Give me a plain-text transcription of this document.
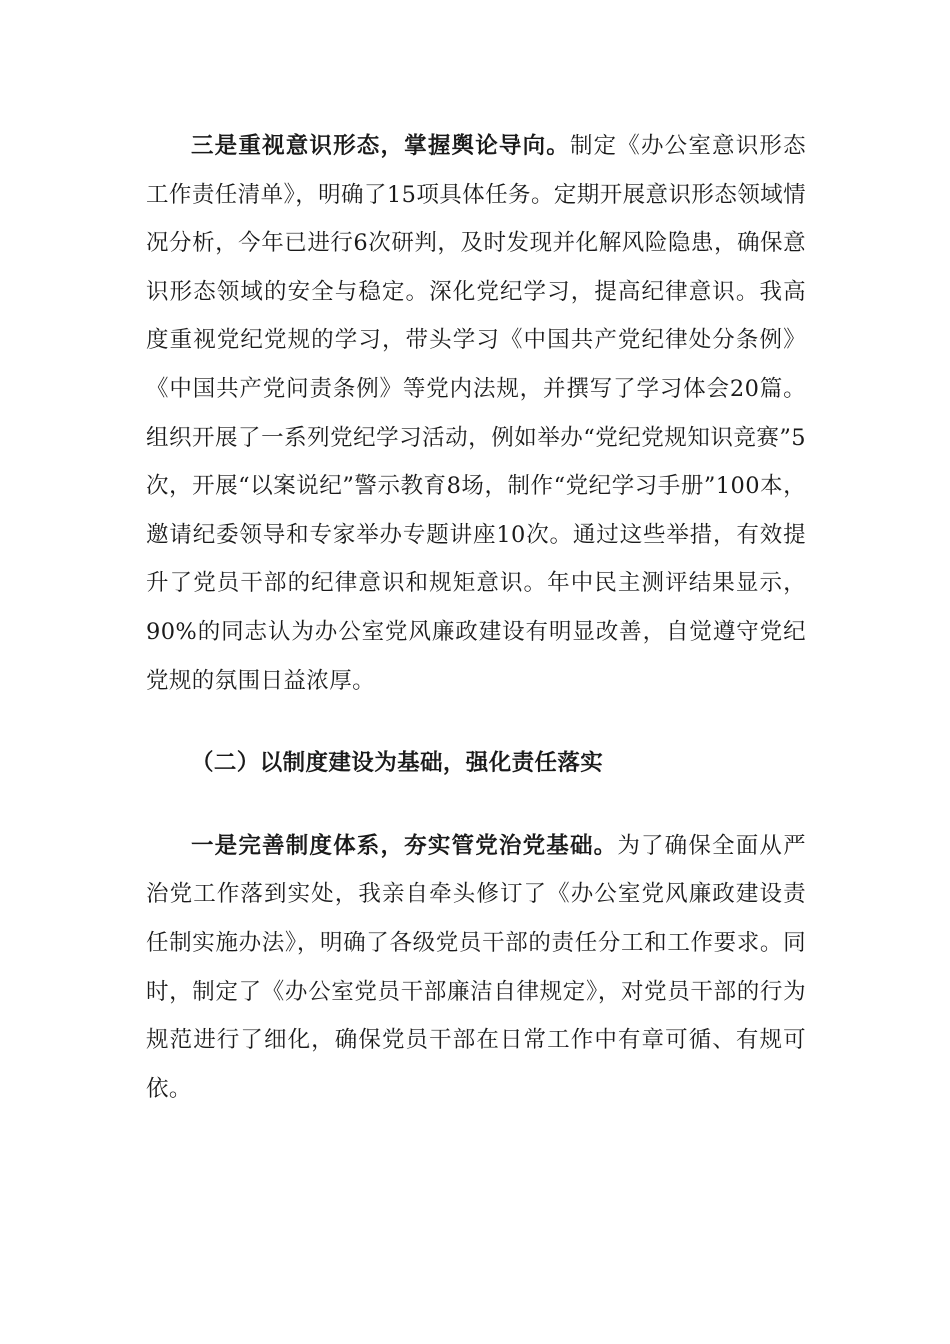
三是重视意识形态，掌握舆论导向。制定《办公室意识形态工作责任清单》，明确了15项具体任务。定期开展意识形态领域情况分析，今年已进行6次研判，及时发现并化解风险隐患，确保意识形态领域的安全与稳定。深化党纪学习，提高纪律意识。我高度重视党纪党规的学习，带头学习《中国共产党纪律处分条例》《中国共产党问责条例》等党内法规，并撰写了学习体会20篇。组织开展了一系列党纪学习活动，例如举办“党纪党规知识竞赛”5次，开展“以案说纪”警示教育8场，制作“党纪学习手册”100本，邀请纪委领导和专家举办专题讲座10次。通过这些举措，有效提升了党员干部的纪律意识和规矩意识。年中民主测评结果显示，90%的同志认为办公室党风廉政建设有明显改善，自觉遵守党纪党规的氛围日益浓厚。

（二）以制度建设为基础，强化责任落实

一是完善制度体系，夯实管党治党基础。为了确保全面从严治党工作落到实处，我亲自牵头修订了《办公室党风廉政建设责任制实施办法》，明确了各级党员干部的责任分工和工作要求。同时，制定了《办公室党员干部廉洁自律规定》，对党员干部的行为规范进行了细化，确保党员干部在日常工作中有章可循、有规可依。
